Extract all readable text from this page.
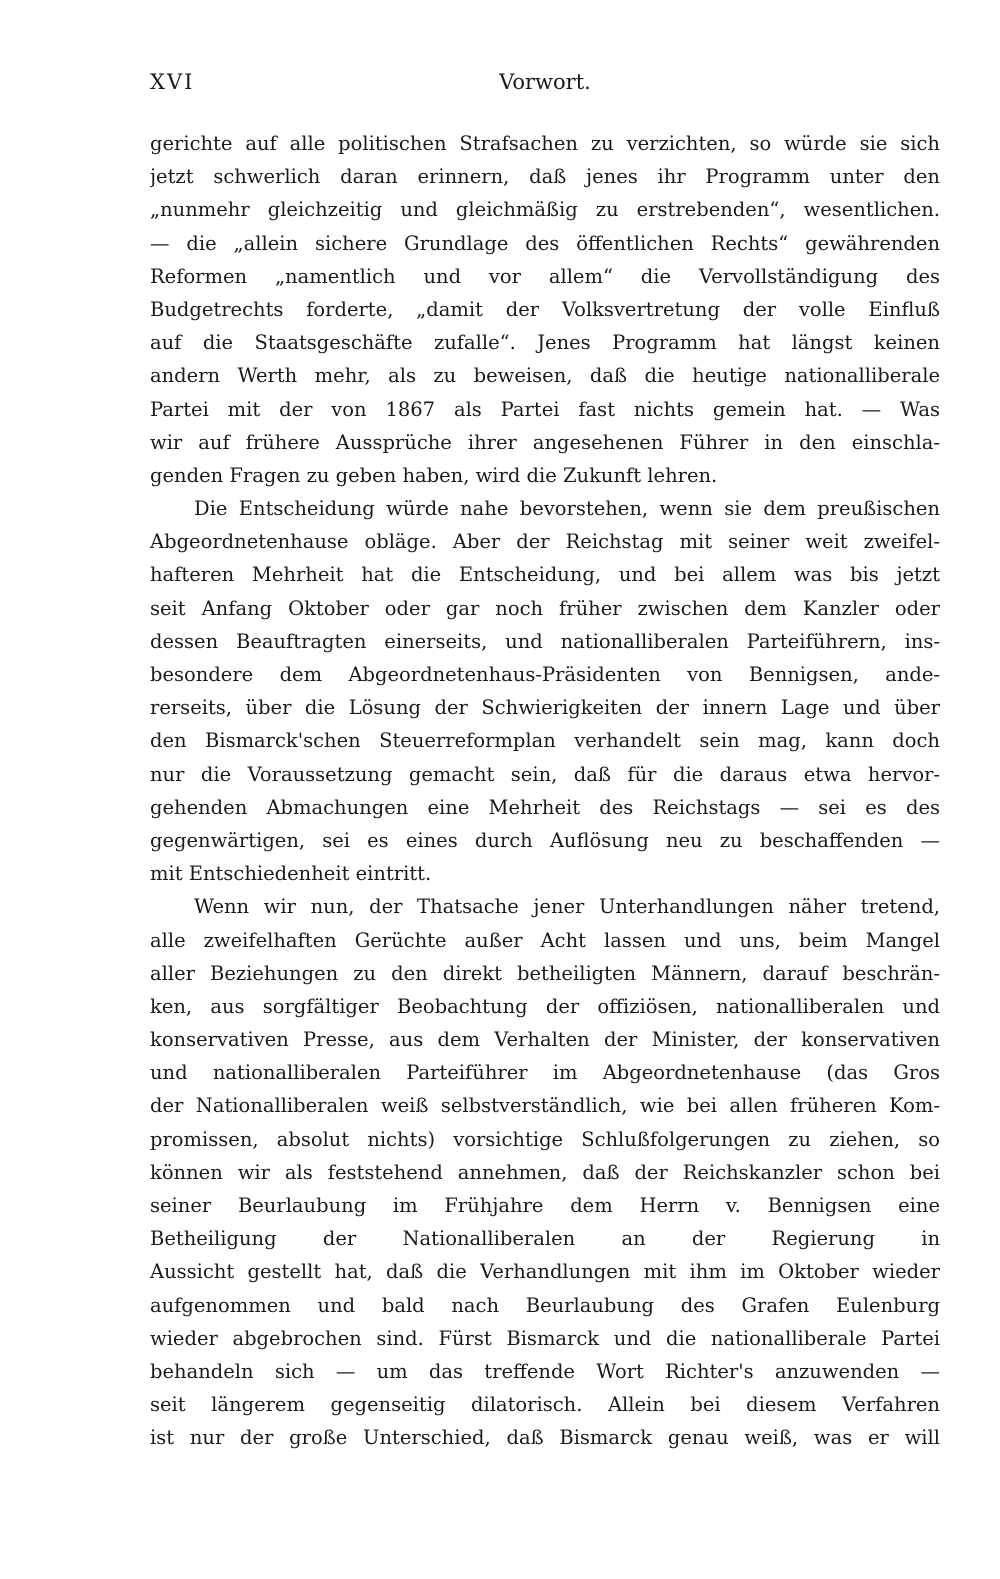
XVI	Vorwort.
gerichte auf alle politischen Strafsachen zu verzichten, so würde sie sich
jetzt schwerlich daran erinnern, daß jenes ihr Programm unter den
„nunmehr gleichzeitig und gleichmäßig zu erstrebenden“, wesentlichen.
— die „allein sichere Grundlage des öffentlichen Rechts“ gewährenden
Reformen „namentlich und vor allem“ die Vervollständigung des
Budgetrechts forderte, „damit der Volksvertretung der volle Einfluß
auf die Staatsgeschäfte zufalle“. Jenes Programm hat längst keinen
andern Werth mehr, als zu beweisen, daß die heutige nationalliberale
Partei mit der von 1867 als Partei fast nichts gemein hat. — Was
wir auf frühere Aussprüche ihrer angesehenen Führer in den einschla-
genden Fragen zu geben haben, wird die Zukunft lehren.
Die Entscheidung würde nahe bevorstehen, wenn sie dem preußischen
Abgeordnetenhause obläge. Aber der Reichstag mit seiner weit zweifel-
hafteren Mehrheit hat die Entscheidung, und bei allem was bis jetzt
seit Anfang Oktober oder gar noch früher zwischen dem Kanzler oder
dessen Beauftragten einerseits, und nationalliberalen Parteiführern, ins-
besondere dem Abgeordnetenhaus-Präsidenten von Bennigsen, ande-
rerseits, über die Lösung der Schwierigkeiten der innern Lage und über
den Bismarck'schen Steuerreformplan verhandelt sein mag, kann doch
nur die Voraussetzung gemacht sein, daß für die daraus etwa hervor-
gehenden Abmachungen eine Mehrheit des Reichstags — sei es des
gegenwärtigen, sei es eines durch Auflösung neu zu beschaffenden —
mit Entschiedenheit eintritt.
Wenn wir nun, der Thatsache jener Unterhandlungen näher tretend,
alle zweifelhaften Gerüchte außer Acht lassen und uns, beim Mangel
aller Beziehungen zu den direkt betheiligten Männern, darauf beschrän-
ken, aus sorgfältiger Beobachtung der offiziösen, nationalliberalen und
konservativen Presse, aus dem Verhalten der Minister, der konservativen
und nationalliberalen Parteiführer im Abgeordnetenhause (das Gros
der Nationalliberalen weiß selbstverständlich, wie bei allen früheren Kom-
promissen, absolut nichts) vorsichtige Schlußfolgerungen zu ziehen, so
können wir als feststehend annehmen, daß der Reichskanzler schon bei
seiner Beurlaubung im Frühjahre dem Herrn v. Bennigsen eine
Betheiligung der Nationalliberalen an der Regierung in
Aussicht gestellt hat, daß die Verhandlungen mit ihm im Oktober wieder
aufgenommen und bald nach Beurlaubung des Grafen Eulenburg
wieder abgebrochen sind. Fürst Bismarck und die nationalliberale Partei
behandeln sich — um das treffende Wort Richter's anzuwenden —
seit längerem gegenseitig dilatorisch. Allein bei diesem Verfahren
ist nur der große Unterschied, daß Bismarck genau weiß, was er will
